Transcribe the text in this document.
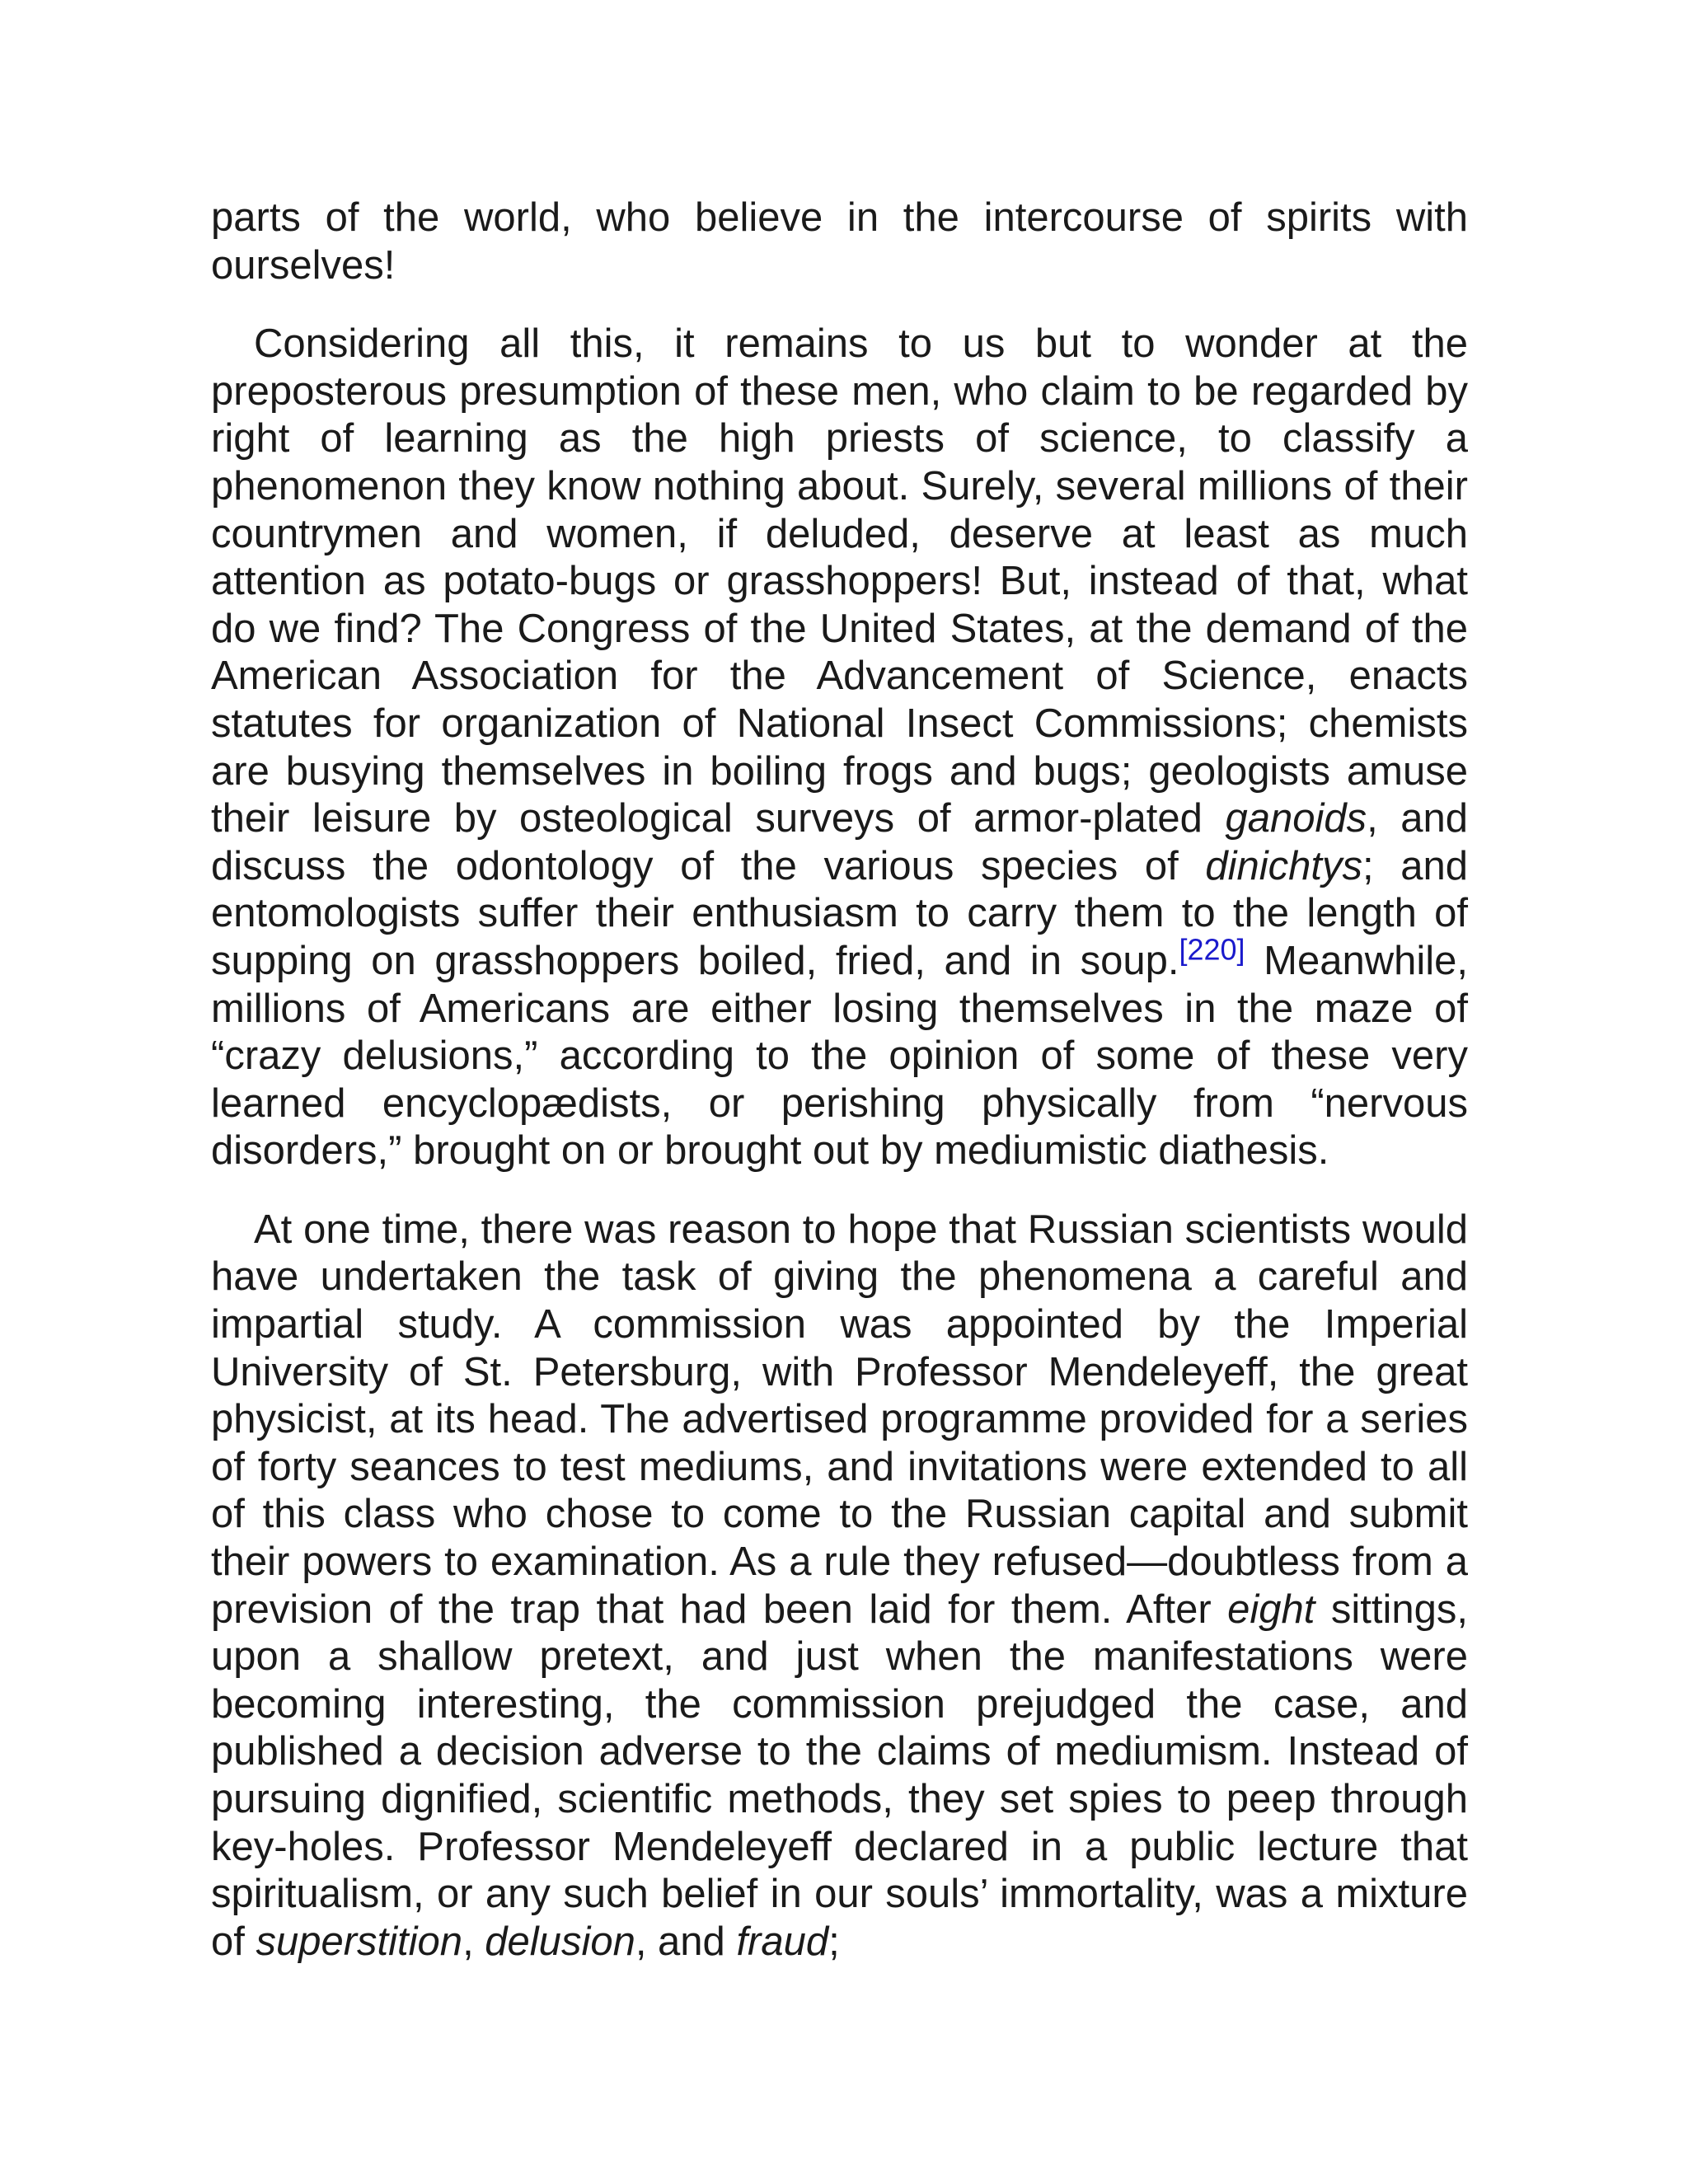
parts of the world, who believe in the intercourse of spirits with ourselves!

Considering all this, it remains to us but to wonder at the preposterous presumption of these men, who claim to be regarded by right of learning as the high priests of science, to classify a phenomenon they know nothing about. Surely, several millions of their countrymen and women, if deluded, deserve at least as much attention as potato-bugs or grasshoppers! But, instead of that, what do we find? The Congress of the United States, at the demand of the American Association for the Advancement of Science, enacts statutes for organization of National Insect Commissions; chemists are busying themselves in boiling frogs and bugs; geologists amuse their leisure by osteological surveys of armor-plated ganoids, and discuss the odontology of the various species of dinichtys; and entomologists suffer their enthusiasm to carry them to the length of supping on grasshoppers boiled, fried, and in soup.[220] Meanwhile, millions of Americans are either losing themselves in the maze of “crazy delusions,” according to the opinion of some of these very learned encyclopædists, or perishing physically from “nervous disorders,” brought on or brought out by mediumistic diathesis.

At one time, there was reason to hope that Russian scientists would have undertaken the task of giving the phenomena a careful and impartial study. A commission was appointed by the Imperial University of St. Petersburg, with Professor Mendeleyeff, the great physicist, at its head. The advertised programme provided for a series of forty seances to test mediums, and invitations were extended to all of this class who chose to come to the Russian capital and submit their powers to examination. As a rule they refused—doubtless from a prevision of the trap that had been laid for them. After eight sittings, upon a shallow pretext, and just when the manifestations were becoming interesting, the commission prejudged the case, and published a decision adverse to the claims of mediumism. Instead of pursuing dignified, scientific methods, they set spies to peep through key-holes. Professor Mendeleyeff declared in a public lecture that spiritualism, or any such belief in our souls’ immortality, was a mixture of superstition, delusion, and fraud;
